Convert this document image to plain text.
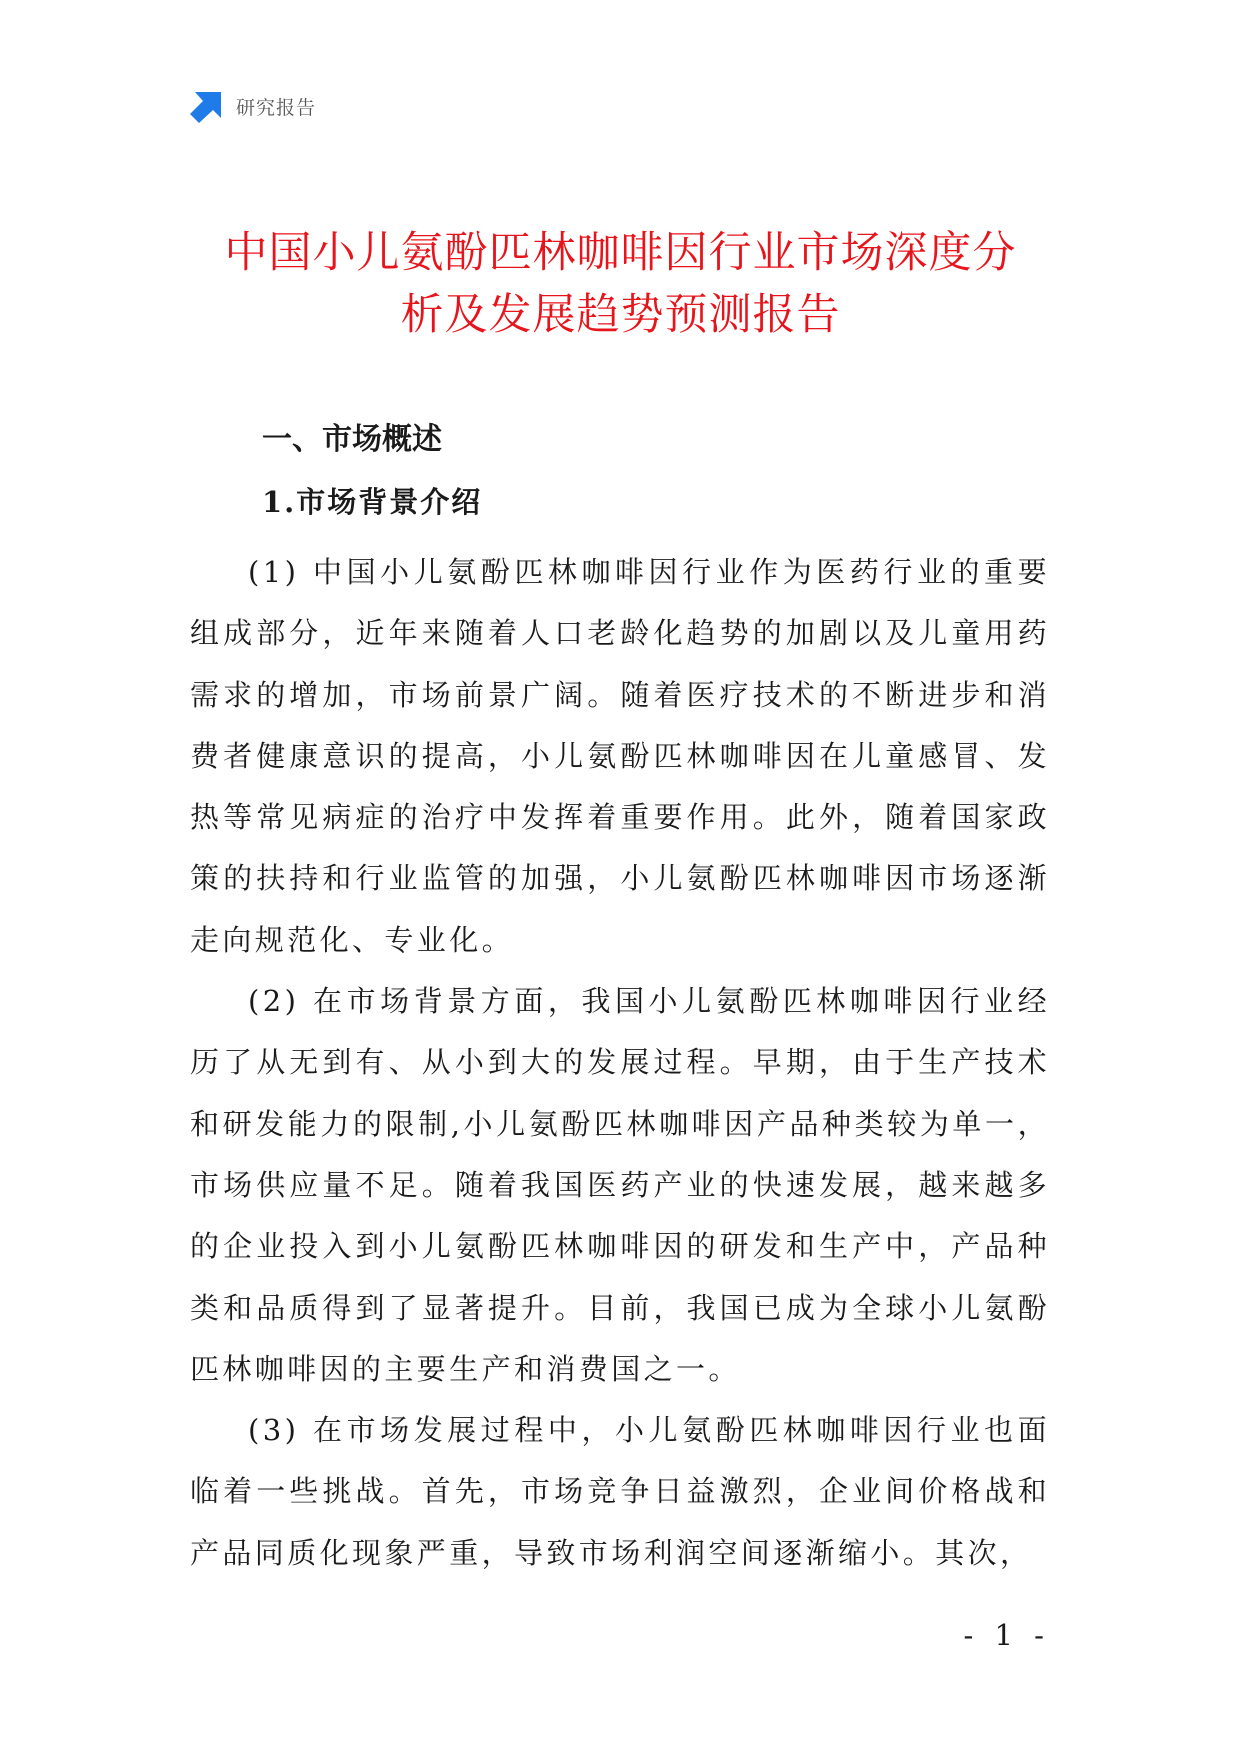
研究报告
中国小儿氨酚匹林咖啡因行业市场深度分
析及发展趋势预测报告
一、市场概述
1.市场背景介绍

(1) 中国小儿氨酚匹林咖啡因行业作为医药行业的重要组成部分，近年来随着人口老龄化趋势的加剧以及儿童用药需求的增加，市场前景广阔。随着医疗技术的不断进步和消费者健康意识的提高，小儿氨酚匹林咖啡因在儿童感冒、发热等常见病症的治疗中发挥着重要作用。此外，随着国家政策的扶持和行业监管的加强，小儿氨酚匹林咖啡因市场逐渐走向规范化、专业化。

(2) 在市场背景方面，我国小儿氨酚匹林咖啡因行业经历了从无到有、从小到大的发展过程。早期，由于生产技术和研发能力的限制,小儿氨酚匹林咖啡因产品种类较为单一，市场供应量不足。随着我国医药产业的快速发展，越来越多的企业投入到小儿氨酚匹林咖啡因的研发和生产中，产品种类和品质得到了显著提升。目前，我国已成为全球小儿氨酚匹林咖啡因的主要生产和消费国之一。

(3) 在市场发展过程中，小儿氨酚匹林咖啡因行业也面临着一些挑战。首先，市场竞争日益激烈，企业间价格战和产品同质化现象严重，导致市场利润空间逐渐缩小。其次，

- 1 -
